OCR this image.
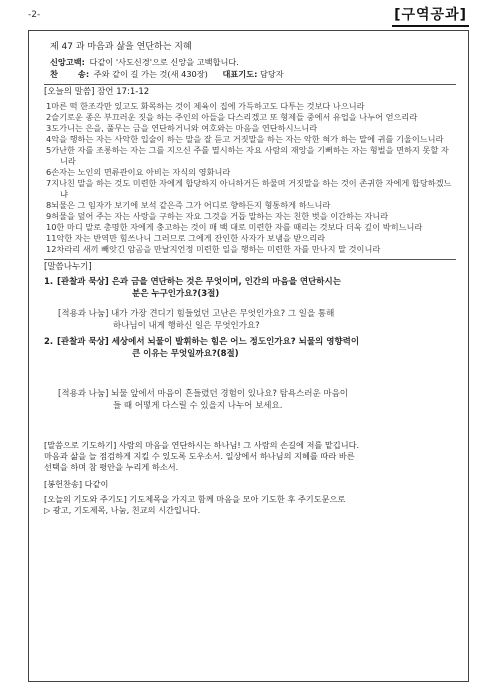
-2-	[구역공과]
제 47 과 마음과 삶을 연단하는 지혜
신앙고백: 다같이 '사도신경'으로 신앙을 고백합니다.
찬 송: 주와 같이 길 가는 것(새 430장) 대표기도: 담당자
[오늘의 말씀] 잠언 17:1-12
1마른 떡 한조각만 있고도 화목하는 것이 제육이 집에 가득하고도 다투는 것보다 나으니라
2슬기로운 종은 부끄러운 짓을 하는 주인의 아들을 다스리겠고 또 형제들 중에서 유업을 나누어 얻으리라
3도가니는 은을, 풀무는 금을 연단하거니와 여호와는 마음을 연단하시느니라
4악을 행하는 자는 사악한 입술이 하는 말을 잘 듣고 거짓말을 하는 자는 악한 혀가 하는 말에 귀를 기울이느니라
5가난한 자를 조롱하는 자는 그를 지으신 주를 멸시하는 자요 사람의 재앙을 기뻐하는 자는 형벌을 면하지 못할 자니라
6손자는 노인의 면류관이요 아비는 자식의 영화니라
7지나친 말을 하는 것도 미련한 자에게 합당하지 아니하거든 하물며 거짓말을 하는 것이 존귀한 자에게 합당하겠느냐
8뇌물은 그 임자가 보기에 보석 같은즉 그가 어디로 향하든지 형통하게 하느니라
9허물을 덮어 주는 자는 사랑을 구하는 자요 그것을 거듭 말하는 자는 친한 벗을 이간하는 자니라
10한 마디 말로 총명한 자에게 충고하는 것이 매 백 대로 미련한 자를 때리는 것보다 더욱 깊이 박히느니라
11악한 자는 반역만 힘쓰나니 그러므로 그에게 잔인한 사자가 보냄을 받으리라
12차라리 새끼 빼앗긴 암곰을 만날지언정 미련한 일을 행하는 미련한 자를 만나지 말 것이니라
[말씀나누기]
1. [관찰과 묵상] 은과 금을 연단하는 것은 무엇이며, 인간의 마음을 연단하시는
분은 누구인가요?(3절)
[적용과 나눔] 내가 가장 견디기 힘들었던 고난은 무엇인가요? 그 일을 통해
하나님이 내게 행하신 일은 무엇인가요?
2. [관찰과 묵상] 세상에서 뇌물이 발휘하는 힘은 어느 정도인가요? 뇌물의 영향력이
큰 이유는 무엇일까요?(8절)
[적용과 나눔] 뇌물 앞에서 마음이 흔들렸던 경험이 있나요? 탐욕스러운 마음이
들 때 어떻게 다스릴 수 있을지 나누어 보세요.
[말씀으로 기도하기] 사람의 마음을 연단하시는 하나님! 그 사람의 손길에 저를 맡깁니다.
마음과 삶을 늘 점검하게 지킬 수 있도록 도우소서. 일상에서 하나님의 지혜를 따라 바른
선택을 하며 참 평안을 누리게 하소서.
[봉헌찬송] 다같이
[오늘의 기도와 주기도] 기도제목을 가지고 함께 마음을 모아 기도한 후 주기도문으로
▷ 광고, 기도제목, 나눔, 친교의 시간입니다.
